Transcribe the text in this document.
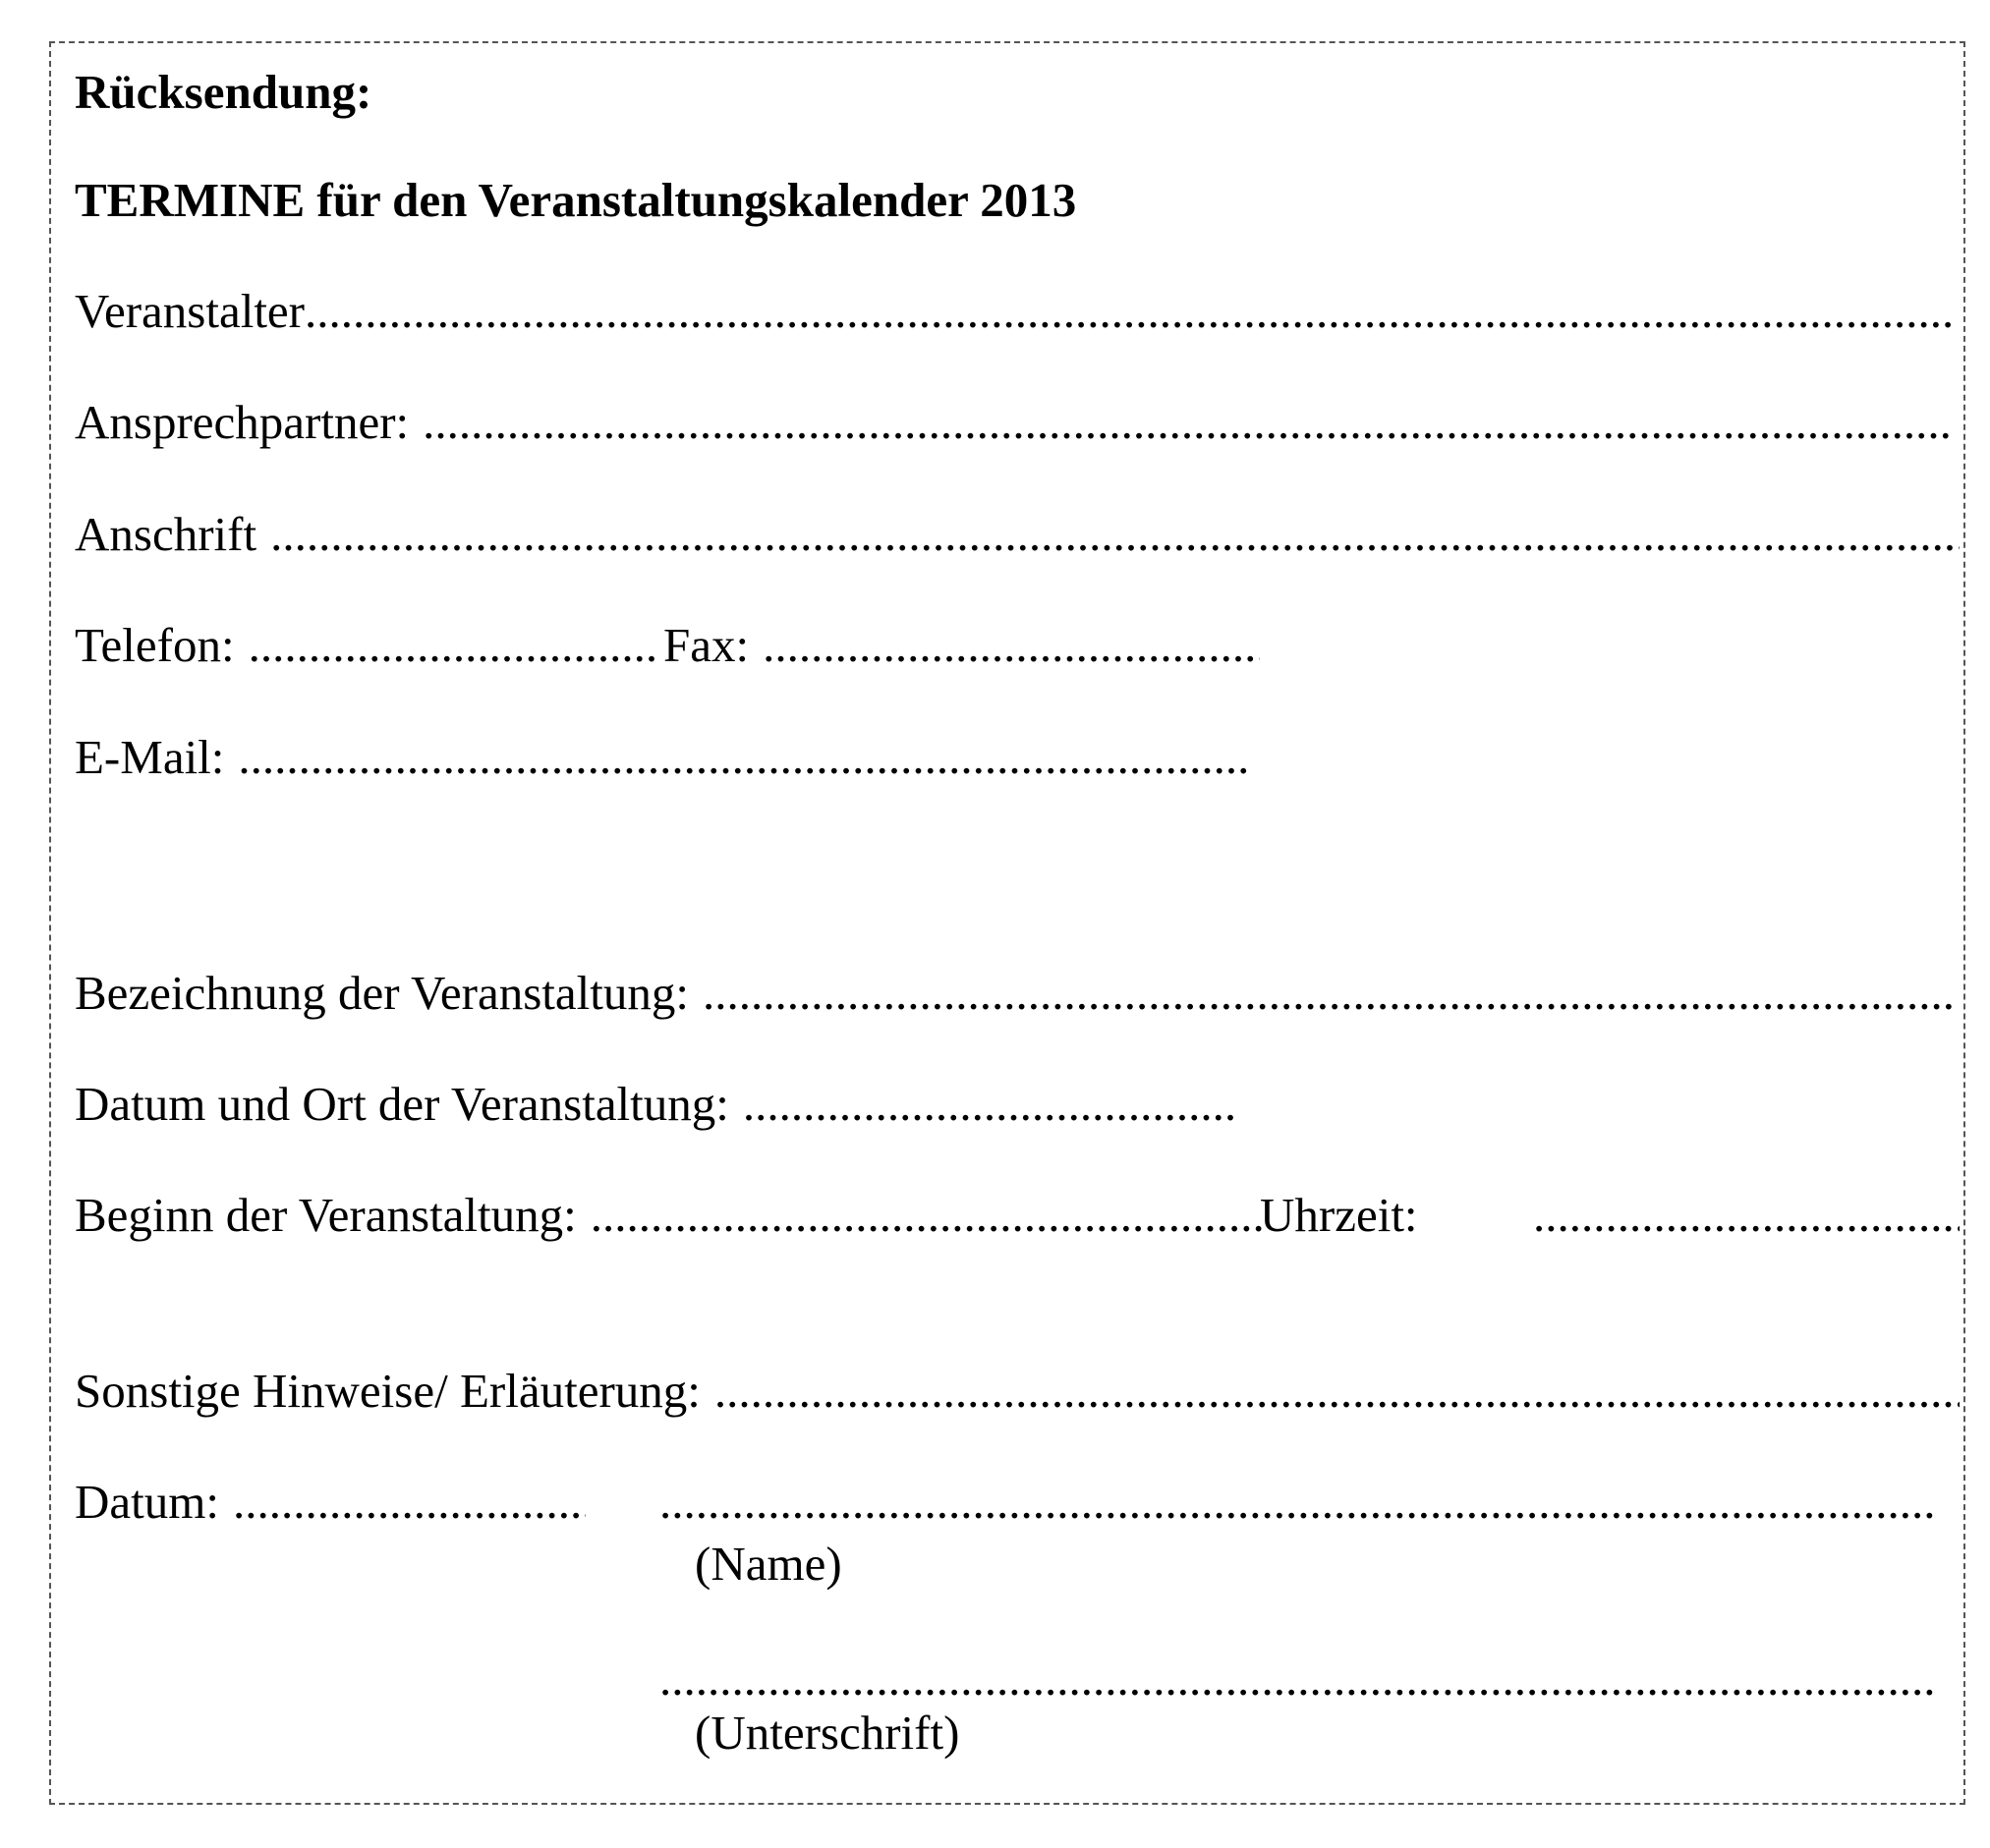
Rücksendung:
TERMINE für den Veranstaltungskalender 2013
Veranstalter
.....
Ansprechpartner:
.....
Anschrift
.....
Telefon: .....	Fax:
.....
E-Mail:
.....
Bezeichnung der Veranstaltung:
.....
Datum und Ort der Veranstaltung:
.....
Beginn der Veranstaltung: .....	Uhrzeit:
.....
Sonstige Hinweise/ Erläuterung:
.....
Datum:
.....
.....
(Name)
.....
(Unterschrift)
